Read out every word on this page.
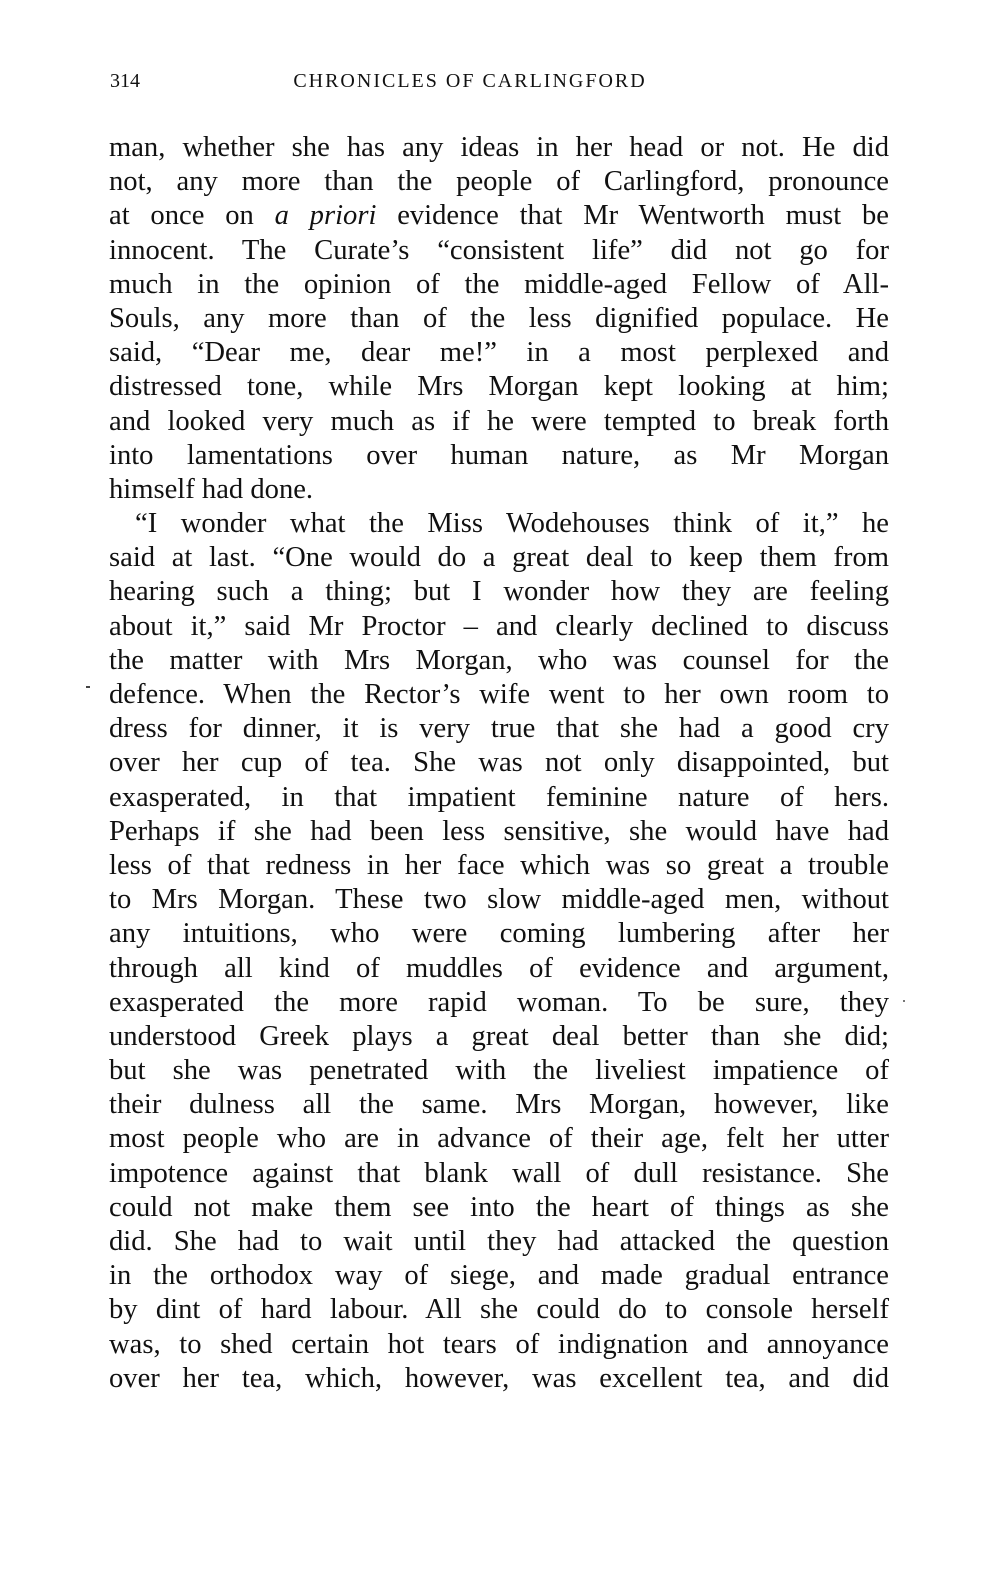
314	CHRONICLES OF CARLINGFORD
man, whether she has any ideas in her head or not. He did
not, any more than the people of Carlingford, pronounce
at once on a priori evidence that Mr Wentworth must be
innocent. The Curate’s “consistent life” did not go for
much in the opinion of the middle-aged Fellow of All-
Souls, any more than of the less dignified populace. He
said, “Dear me, dear me!” in a most perplexed and
distressed tone, while Mrs Morgan kept looking at him;
and looked very much as if he were tempted to break forth
into lamentations over human nature, as Mr Morgan
himself had done.
“I wonder what the Miss Wodehouses think of it,” he
said at last. “One would do a great deal to keep them from
hearing such a thing; but I wonder how they are feeling
about it,” said Mr Proctor – and clearly declined to discuss
the matter with Mrs Morgan, who was counsel for the
defence. When the Rector’s wife went to her own room to
dress for dinner, it is very true that she had a good cry
over her cup of tea. She was not only disappointed, but
exasperated, in that impatient feminine nature of hers.
Perhaps if she had been less sensitive, she would have had
less of that redness in her face which was so great a trouble
to Mrs Morgan. These two slow middle-aged men, without
any intuitions, who were coming lumbering after her
through all kind of muddles of evidence and argument,
exasperated the more rapid woman. To be sure, they
understood Greek plays a great deal better than she did;
but she was penetrated with the liveliest impatience of
their dulness all the same. Mrs Morgan, however, like
most people who are in advance of their age, felt her utter
impotence against that blank wall of dull resistance. She
could not make them see into the heart of things as she
did. She had to wait until they had attacked the question
in the orthodox way of siege, and made gradual entrance
by dint of hard labour. All she could do to console herself
was, to shed certain hot tears of indignation and annoyance
over her tea, which, however, was excellent tea, and did
